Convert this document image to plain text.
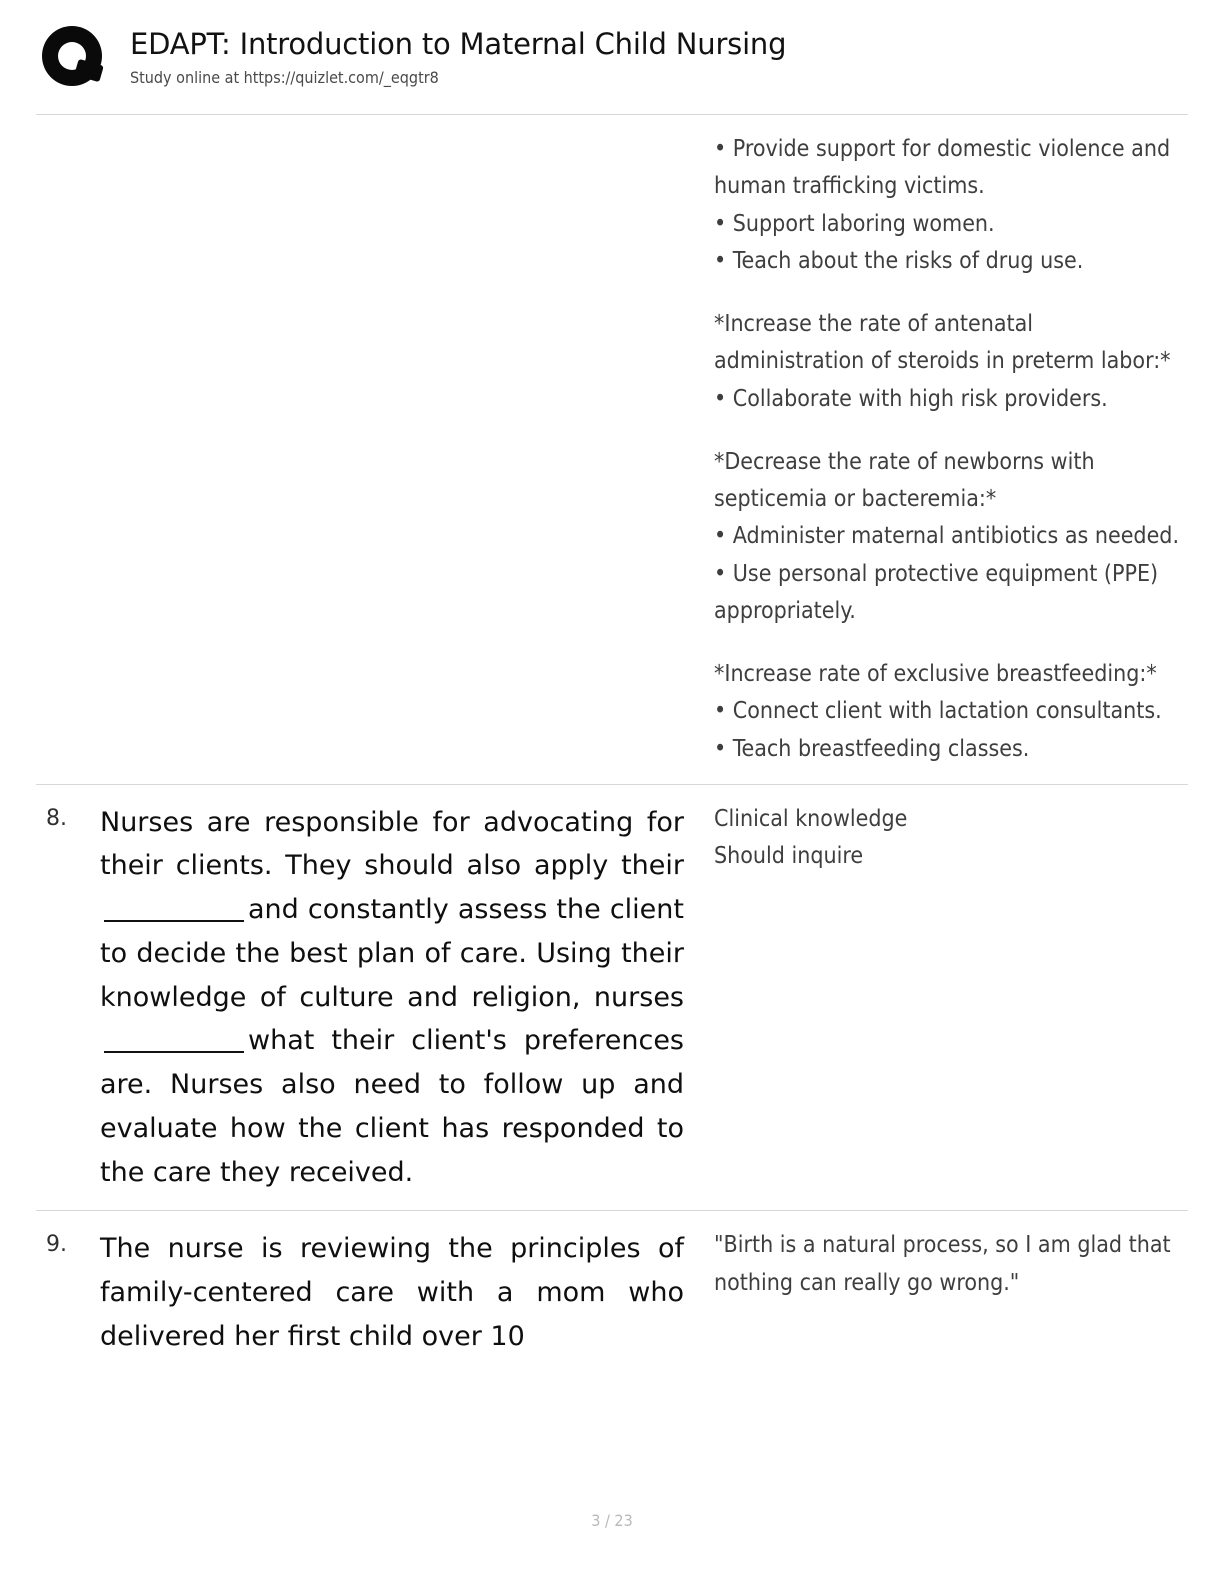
EDAPT: Introduction to Maternal Child Nursing
Study online at https://quizlet.com/_eqgtr8

• Provide support for domestic violence and human trafficking victims.

• Support laboring women.

• Teach about the risks of drug use.

*Increase the rate of antenatal administration of steroids in preterm labor:*

• Collaborate with high risk providers.

*Decrease the rate of newborns with septicemia or bacteremia:*

• Administer maternal antibiotics as needed.

• Use personal protective equipment (PPE) appropriately.

*Increase rate of exclusive breastfeeding:*

• Connect client with lactation consultants.

• Teach breastfeeding classes.

8.	Nurses are responsible for advocating for their clients. They should also apply theirand constantly assess the client to decide the best plan of care. Using their knowledge of culture and religion, nurseswhat their client's preferences are. Nurses also need to follow up and evaluate how the client has responded to the care they received.

Clinical knowledge

Should inquire

9.	The nurse is reviewing the principles of family-centered care with a mom who delivered her first child over 10

"Birth is a natural process, so I am glad that nothing can really go wrong."

3 / 23
